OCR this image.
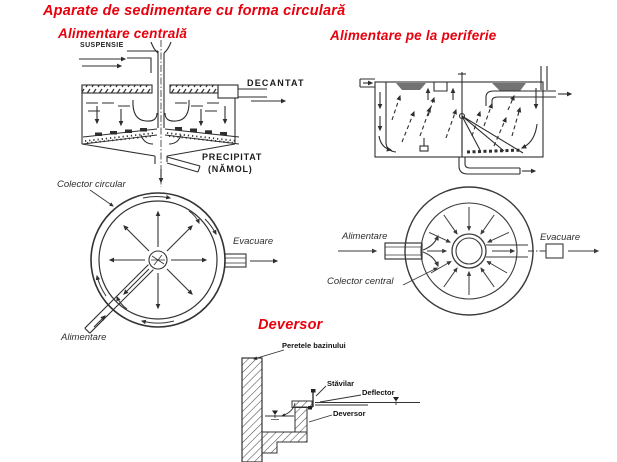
Aparate de sedimentare cu forma circulară
Alimentare centrală	Alimentare pe la periferie
Deversor
SUSPENSIE
DECANTAT
PRECIPITAT
(NĂMOL)
Colector circular
Evacuare
Alimentare
Alimentare	Evacuare
Colector central
Peretele bazinului
Stăvilar
Deflector
Deversor
